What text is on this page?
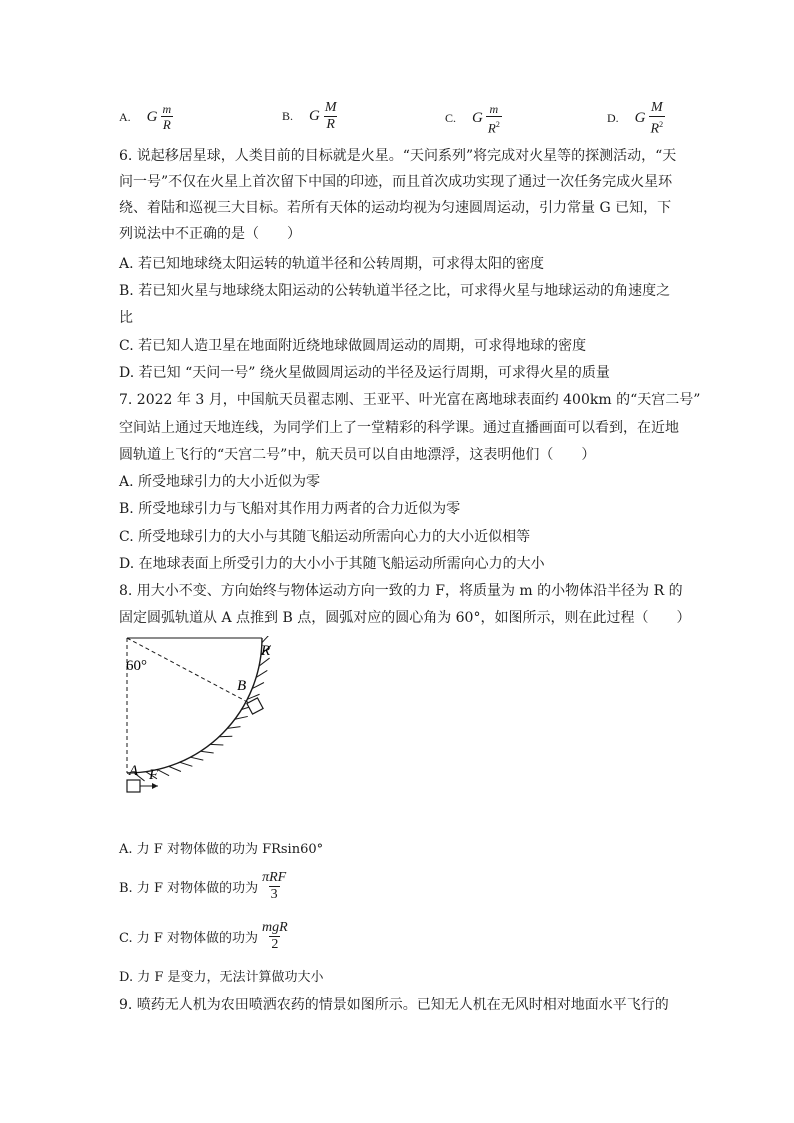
A. G $\frac{m}{R}$	B. G $\frac{M}{R}$	C. G $\frac{m}{R^2}$	D. G $\frac{M}{R^2}$
6. 说起移居星球，人类目前的目标就是火星。“天问系列”将完成对火星等的探测活动，“天
问一号”不仅在火星上首次留下中国的印迹，而且首次成功实现了通过一次任务完成火星环
绕、着陆和巡视三大目标。若所有天体的运动均视为匀速圆周运动，引力常量 G 已知，下
列说法中不正确的是（　　）
A. 若已知地球绕太阳运转的轨道半径和公转周期，可求得太阳的密度
B. 若已知火星与地球绕太阳运动的公转轨道半径之比，可求得火星与地球运动的角速度之
比
C. 若已知人造卫星在地面附近绕地球做圆周运动的周期，可求得地球的密度
D. 若已知 “天问一号” 绕火星做圆周运动的半径及运行周期，可求得火星的质量
7. 2022 年 3 月，中国航天员翟志刚、王亚平、叶光富在离地球表面约 400km 的“天宫二号”
空间站上通过天地连线，为同学们上了一堂精彩的科学课。通过直播画面可以看到，在近地
圆轨道上飞行的“天宫二号”中，航天员可以自由地漂浮，这表明他们（　　）
A. 所受地球引力的大小近似为零
B. 所受地球引力与飞船对其作用力两者的合力近似为零
C. 所受地球引力的大小与其随飞船运动所需向心力的大小近似相等
D. 在地球表面上所受引力的大小小于其随飞船运动所需向心力的大小
8. 用大小不变、方向始终与物体运动方向一致的力 F，将质量为 m 的小物体沿半径为 R 的
固定圆弧轨道从 A 点推到 B 点，圆弧对应的圆心角为 60°，如图所示，则在此过程（　　）
60°
R
B
A F
A. 力 F 对物体做的功为 FRsin60°
B. 力 F 对物体做的功为 $\frac{\text{πRF}}{3}$
C. 力 F 对物体做的功为 $\frac{\text{mgR}}{2}$
D. 力 F 是变力，无法计算做功大小
9. 喷药无人机为农田喷洒农药的情景如图所示。已知无人机在无风时相对地面水平飞行的
